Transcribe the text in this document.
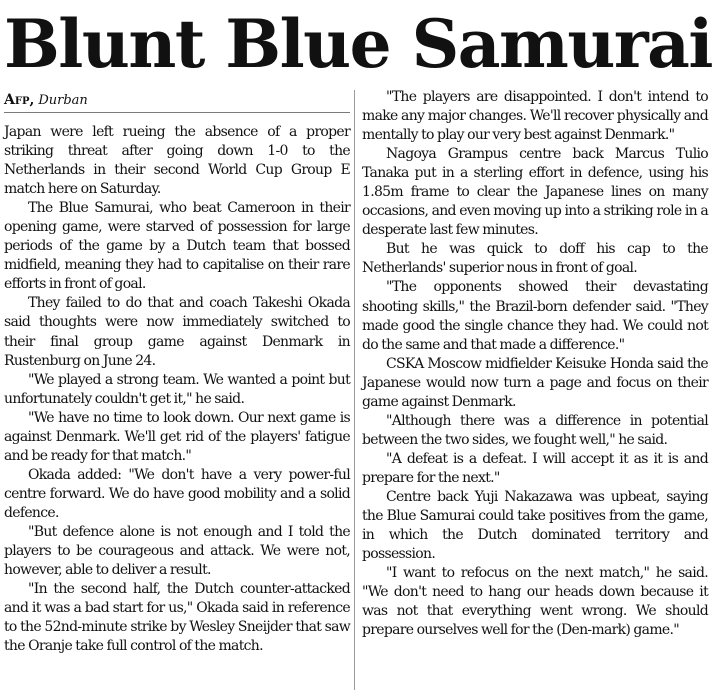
Blunt Blue Samurai
Afp, Durban

Japan were left rueing the absence of a proper striking threat after going down 1-0 to the Netherlands in their second World Cup Group E match here on Saturday.

The Blue Samurai, who beat Cameroon in their opening game, were starved of possession for large periods of the game by a Dutch team that bossed midfield, meaning they had to capitalise on their rare efforts in front of goal.

They failed to do that and coach Takeshi Okada said thoughts were now immediately switched to their final group game against Denmark in Rustenburg on June 24.

"We played a strong team. We wanted a point but unfortunately couldn't get it," he said.

"We have no time to look down. Our next game is against Denmark. We'll get rid of the players' fatigue and be ready for that match."

Okada added: "We don't have a very power-ful centre forward. We do have good mobility and a solid defence.

"But defence alone is not enough and I told the players to be courageous and attack. We were not, however, able to deliver a result.

"In the second half, the Dutch counter-attacked and it was a bad start for us," Okada said in reference to the 52nd-minute strike by Wesley Sneijder that saw the Oranje take full control of the match.

"The players are disappointed. I don't intend to make any major changes. We'll recover physically and mentally to play our very best against Denmark."

Nagoya Grampus centre back Marcus Tulio Tanaka put in a sterling effort in defence, using his 1.85m frame to clear the Japanese lines on many occasions, and even moving up into a striking role in a desperate last few minutes.

But he was quick to doff his cap to the Netherlands' superior nous in front of goal.

"The opponents showed their devastating shooting skills," the Brazil-born defender said. "They made good the single chance they had. We could not do the same and that made a difference."

CSKA Moscow midfielder Keisuke Honda said the Japanese would now turn a page and focus on their game against Denmark.

"Although there was a difference in potential between the two sides, we fought well," he said.

"A defeat is a defeat. I will accept it as it is and prepare for the next."

Centre back Yuji Nakazawa was upbeat, saying the Blue Samurai could take positives from the game, in which the Dutch dominated territory and possession.

"I want to refocus on the next match," he said. "We don't need to hang our heads down because it was not that everything went wrong. We should prepare ourselves well for the (Den-mark) game."
